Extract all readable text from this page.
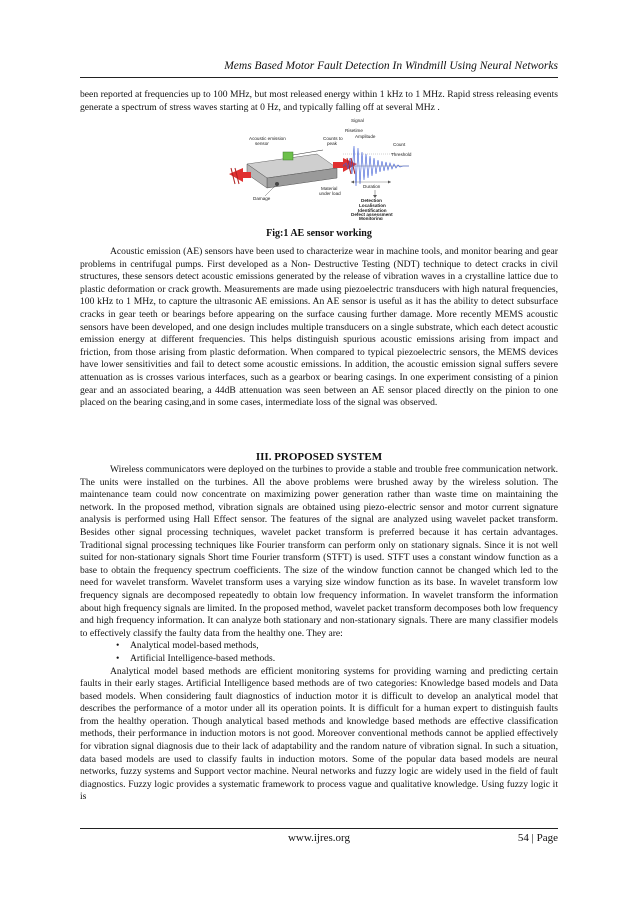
Mems Based Motor Fault Detection In Windmill Using Neural Networks

been reported at frequencies up to 100 MHz, but most released energy within 1 kHz to 1 MHz. Rapid stress releasing events generate a spectrum of stress waves starting at 0 Hz, and typically falling off at several MHz .

Acoustic emission
sensor
Counts to
peak
Damage
Material
under load
Signal
Risetime
Amplitude
Count
Threshold
Duration
Detection
Localisation
Identification
Defect assessment
Monitoring
Fig:1 AE sensor working

Acoustic emission (AE) sensors have been used to characterize wear in machine tools, and monitor bearing and gear problems in centrifugal pumps. First developed as a Non- Destructive Testing (NDT) technique to detect cracks in civil structures, these sensors detect acoustic emissions generated by the release of vibration waves in a crystalline lattice due to plastic deformation or crack growth. Measurements are made using piezoelectric transducers with high natural frequencies, 100 kHz to 1 MHz, to capture the ultrasonic AE emissions. An AE sensor is useful as it has the ability to detect subsurface cracks in gear teeth or bearings before appearing on the surface causing further damage. More recently MEMS acoustic sensors have been developed, and one design includes multiple transducers on a single substrate, which each detect acoustic emission energy at different frequencies. This helps distinguish spurious acoustic emissions arising from impact and friction, from those arising from plastic deformation. When compared to typical piezoelectric sensors, the MEMS devices have lower sensitivities and fail to detect some acoustic emissions. In addition, the acoustic emission signal suffers severe attenuation as is crosses various interfaces, such as a gearbox or bearing casings. In one experiment consisting of a pinion gear and an associated bearing, a 44dB attenuation was seen between an AE sensor placed directly on the pinion to one placed on the bearing casing,and in some cases, intermediate loss of the signal was observed.

III. PROPOSED SYSTEM

Wireless communicators were deployed on the turbines to provide a stable and trouble free communication network. The units were installed on the turbines. All the above problems were brushed away by the wireless solution. The maintenance team could now concentrate on maximizing power generation rather than waste time on maintaining the network. In the proposed method, vibration signals are obtained using piezo-electric sensor and motor current signature analysis is performed using Hall Effect sensor. The features of the signal are analyzed using wavelet packet transform. Besides other signal processing techniques, wavelet packet transform is preferred because it has certain advantages. Traditional signal processing techniques like Fourier transform can perform only on stationary signals. Since it is not well suited for non-stationary signals Short time Fourier transform (STFT) is used. STFT uses a constant window function as a base to obtain the frequency spectrum coefficients. The size of the window function cannot be changed which led to the need for wavelet transform. Wavelet transform uses a varying size window function as its base. In wavelet transform low frequency signals are decomposed repeatedly to obtain low frequency information. In wavelet transform the information about high frequency signals are limited. In the proposed method, wavelet packet transform decomposes both low frequency and high frequency information. It can analyze both stationary and non-stationary signals. There are many classifier models to effectively classify the faulty data from the healthy one. They are:

• Analytical model-based methods,
• Artificial Intelligence-based methods.

Analytical model based methods are efficient monitoring systems for providing warning and predicting certain faults in their early stages. Artificial Intelligence based methods are of two categories: Knowledge based models and Data based models. When considering fault diagnostics of induction motor it is difficult to develop an analytical model that describes the performance of a motor under all its operation points. It is difficult for a human expert to distinguish faults from the healthy operation. Though analytical based methods and knowledge based methods are effective classification methods, their performance in induction motors is not good. Moreover conventional methods cannot be applied effectively for vibration signal diagnosis due to their lack of adaptability and the random nature of vibration signal. In such a situation, data based models are used to classify faults in induction motors. Some of the popular data based models are neural networks, fuzzy systems and Support vector machine. Neural networks and fuzzy logic are widely used in the field of fault diagnostics. Fuzzy logic provides a systematic framework to process vague and qualitative knowledge. Using fuzzy logic it is

www.ijres.org	54 | Page
